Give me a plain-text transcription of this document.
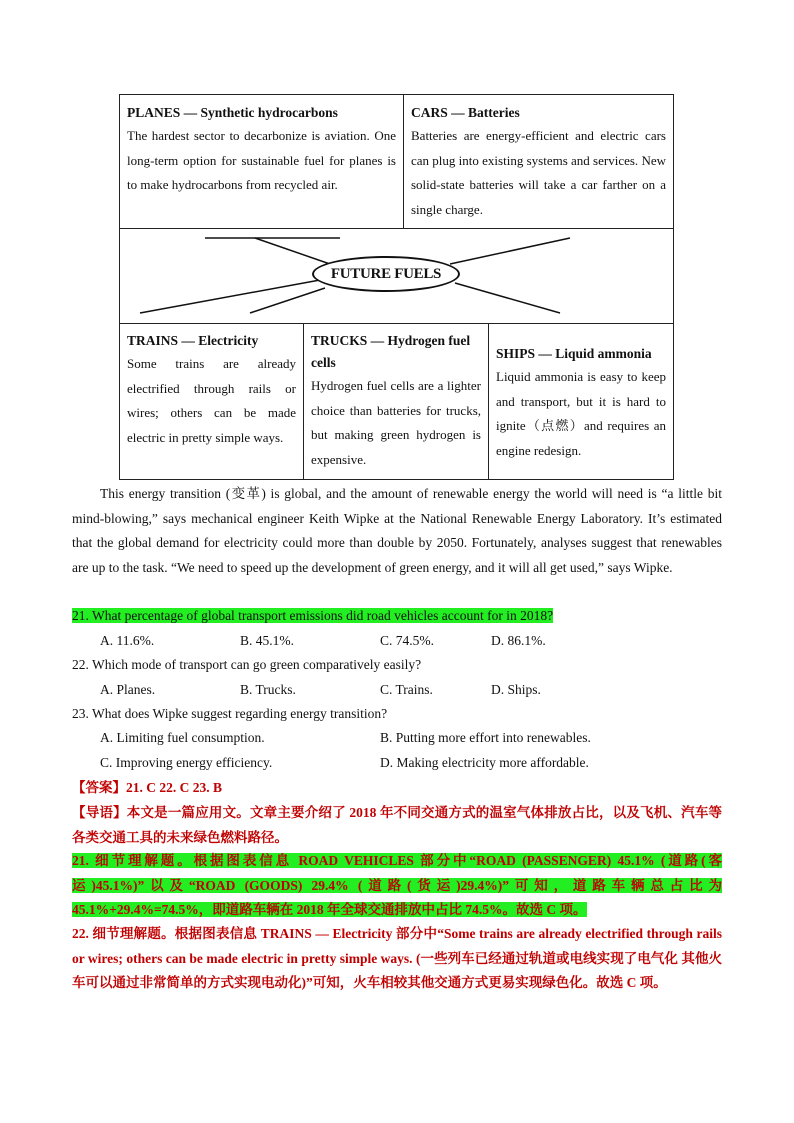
PLANES — Synthetic hydrocarbons
The hardest sector to decarbonize is aviation. One long-term option for sustainable fuel for planes is to make hydrocarbons from recycled air.
CARS — Batteries
Batteries are energy-efficient and electric cars can plug into existing systems and services. New solid-state batteries will take a car farther on a single charge.
FUTURE FUELS
TRAINS — Electricity
Some trains are already electrified through rails or wires; others can be made electric in pretty simple ways.
TRUCKS — Hydrogen fuel cells
Hydrogen fuel cells are a lighter choice than batteries for trucks, but making green hydrogen is expensive.
SHIPS — Liquid ammonia
Liquid ammonia is easy to keep and transport, but it is hard to ignite（点燃）and requires an engine redesign.
This energy transition (变革) is global, and the amount of renewable energy the world will need is “a little bit mind-blowing,” says mechanical engineer Keith Wipke at the National Renewable Energy Laboratory. It’s estimated that the global demand for electricity could more than double by 2050. Fortunately, analyses suggest that renewables are up to the task. “We need to speed up the development of green energy, and it will all get used,” says Wipke.
21. What percentage of global transport emissions did road vehicles account for in 2018?
A. 11.6%.	B. 45.1%.	C. 74.5%.	D. 86.1%.
22. Which mode of transport can go green comparatively easily?
A. Planes.	B. Trucks.	C. Trains.	D. Ships.
23. What does Wipke suggest regarding energy transition?
A. Limiting fuel consumption.	B. Putting more effort into renewables.
C. Improving energy efficiency.	D. Making electricity more affordable.
【答案】21. C 22. C 23. B
【导语】本文是一篇应用文。文章主要介绍了 2018 年不同交通方式的温室气体排放占比，以及飞机、汽车等各类交通工具的未来绿色燃料路径。
21. 细节理解题。根据图表信息 ROAD VEHICLES 部分中“ROAD (PASSENGER) 45.1% (道路(客运)45.1%)”以及“ROAD (GOODS) 29.4% (道路(货运)29.4%)”可知，道路车辆总占比为 45.1%+29.4%=74.5%，即道路车辆在 2018 年全球交通排放中占比 74.5%。故选 C 项。
22. 细节理解题。根据图表信息 TRAINS — Electricity 部分中“Some trains are already electrified through rails or wires; others can be made electric in pretty simple ways. (一些列车已经通过轨道或电线实现了电气化 其他火车可以通过非常简单的方式实现电动化)”可知，火车相较其他交通方式更易实现绿色化。故选 C 项。
